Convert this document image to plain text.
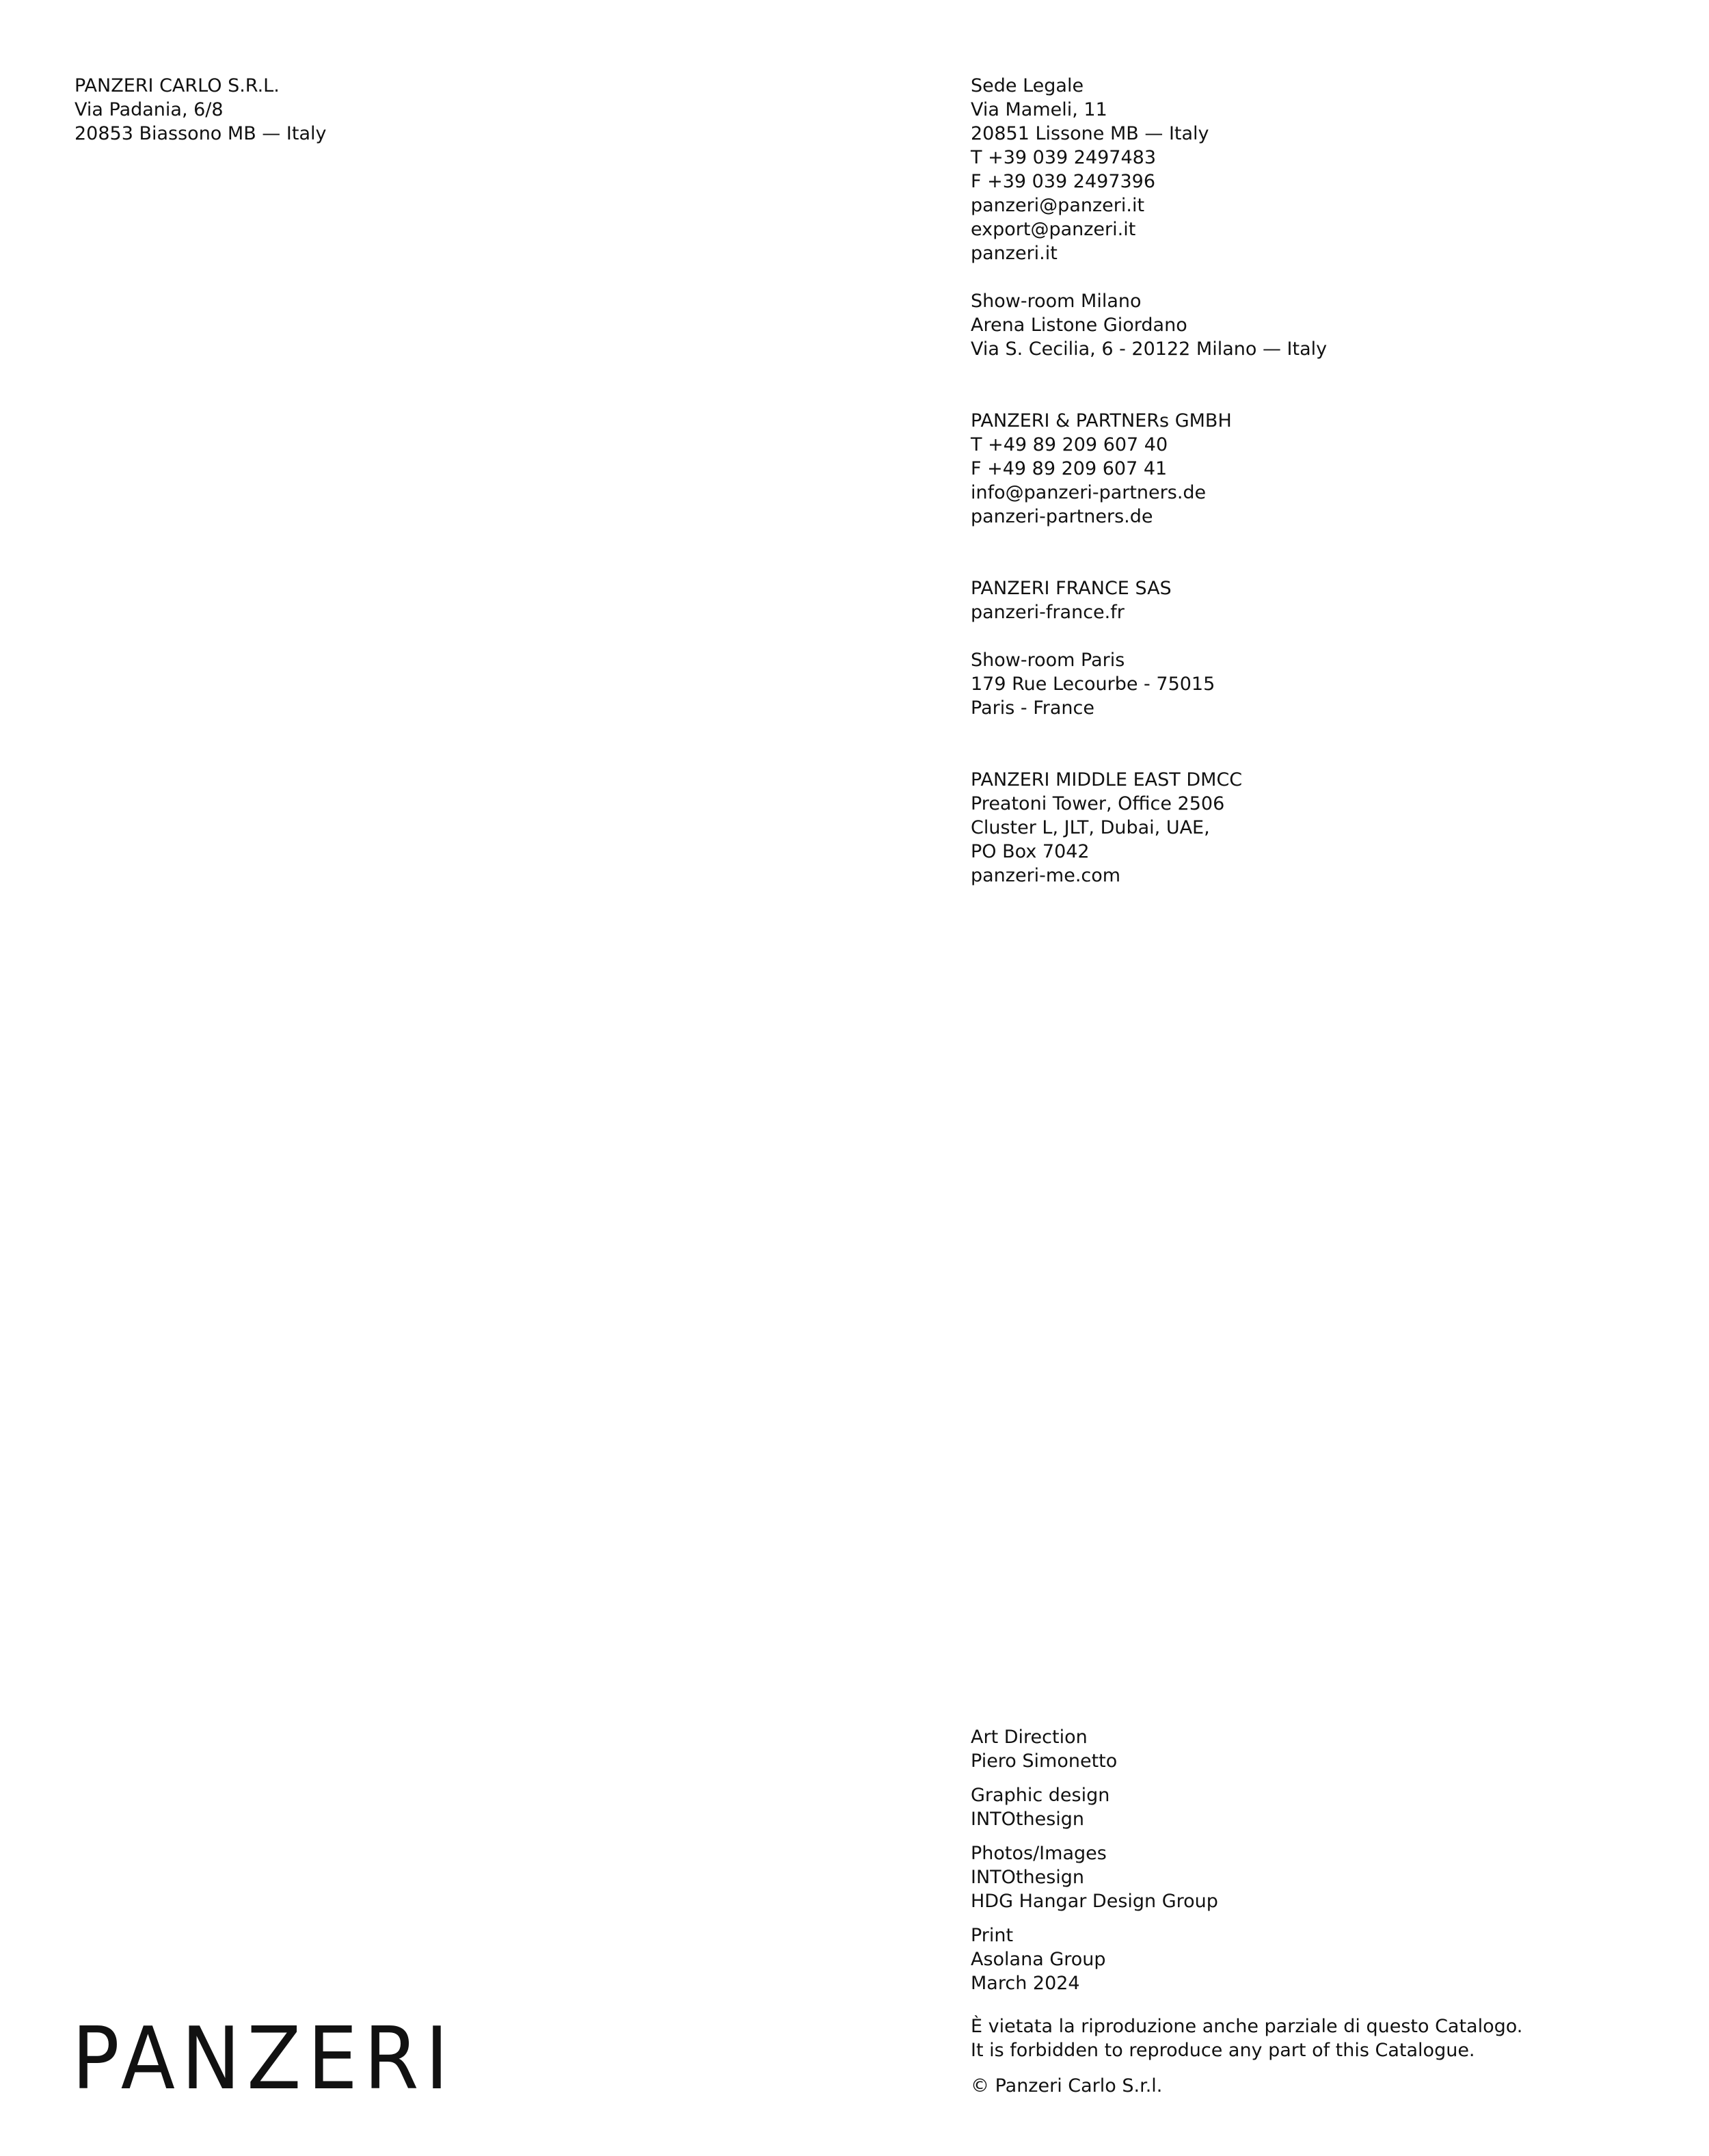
PANZERI CARLO S.R.L.
Via Padania, 6/8
20853 Biassono MB — Italy
Sede Legale
Via Mameli, 11
20851 Lissone MB — Italy
T +39 039 2497483
F +39 039 2497396
panzeri@panzeri.it
export@panzeri.it
panzeri.it
Show-room Milano
Arena Listone Giordano
Via S. Cecilia, 6 - 20122 Milano — Italy
PANZERI & PARTNERs GMBH
T +49 89 209 607 40
F +49 89 209 607 41
info@panzeri-partners.de
panzeri-partners.de
PANZERI FRANCE SAS
panzeri-france.fr
Show-room Paris
179 Rue Lecourbe - 75015
Paris - France
PANZERI MIDDLE EAST DMCC
Preatoni Tower, Office 2506
Cluster L, JLT, Dubai, UAE,
PO Box 7042
panzeri-me.com
Art Direction
Piero Simonetto
Graphic design
INTOthesign
Photos/Images
INTOthesign
HDG Hangar Design Group
Print
Asolana Group
March 2024
È vietata la riproduzione anche parziale di questo Catalogo.
It is forbidden to reproduce any part of this Catalogue.
© Panzeri Carlo S.r.l.
PANZERI
